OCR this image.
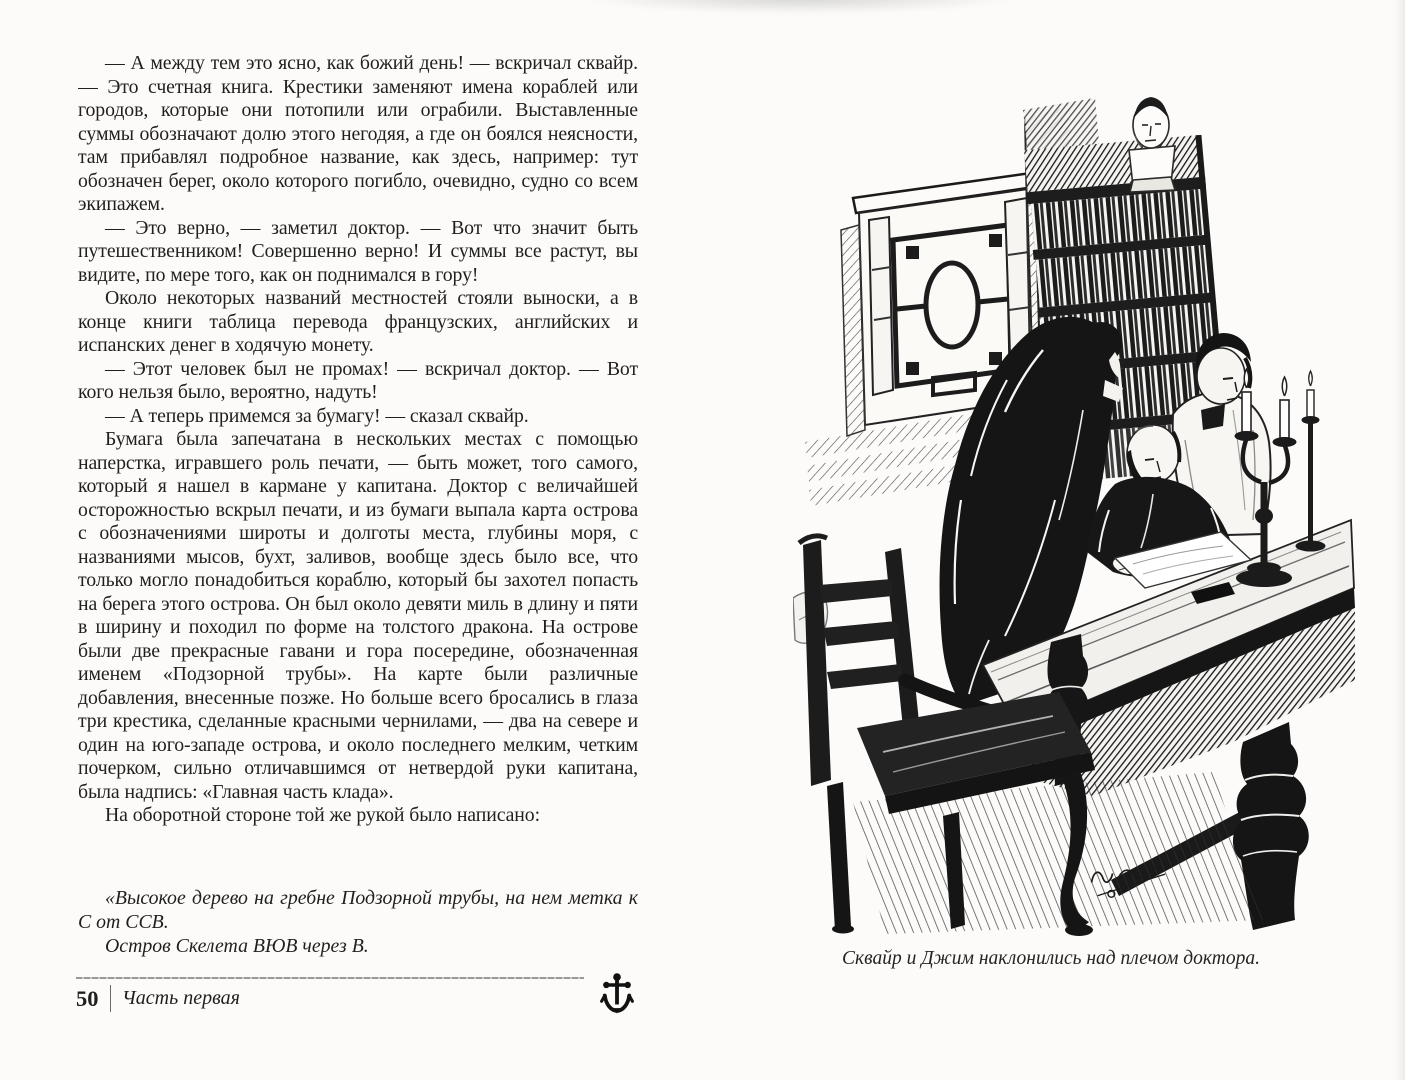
— А между тем это ясно, как божий день! — вскричал сквайр. — Это счетная книга. Крестики заменяют имена кораблей или городов, которые они потопили или ограбили. Выставленные суммы обозначают долю этого негодяя, а где он боялся неясности, там прибавлял подробное название, как здесь, например: тут обозначен берег, около которого погибло, очевидно, судно со всем экипажем.

— Это верно, — заметил доктор. — Вот что значит быть путешественником! Совершенно верно! И суммы все растут, вы видите, по мере того, как он поднимался в гору!

Около некоторых названий местностей стояли выноски, а в конце книги таблица перевода французских, английских и испанских денег в ходячую монету.

— Этот человек был не промах! — вскричал доктор. — Вот кого нельзя было, вероятно, надуть!

— А теперь примемся за бумагу! — сказал сквайр.

Бумага была запечатана в нескольких местах с помощью наперстка, игравшего роль печати, — быть может, того самого, который я нашел в кармане у капитана. Доктор с величайшей осторожностью вскрыл печати, и из бумаги выпала карта острова с обозначениями широты и долготы места, глубины моря, с названиями мысов, бухт, заливов, вообще здесь было все, что только могло понадобиться кораблю, который бы захотел попасть на берега этого острова. Он был около девяти миль в длину и пяти в ширину и походил по форме на толстого дракона. На острове были две прекрасные гавани и гора посередине, обозначенная именем «Подзорной трубы». На карте были различные добавления, внесенные позже. Но больше всего бросались в глаза три крестика, сделанные красными чернилами, — два на севере и один на юго-западе острова, и около последнего мелким, четким почерком, сильно отличавшимся от нетвердой руки капитана, была надпись: «Главная часть клада».

На оборотной стороне той же рукой было написано:

«Высокое дерево на гребне Подзорной трубы, на нем метка к С от ССВ.

Остров Скелета ВЮВ через В.

50 Часть первая
Сквайр и Джим наклонились над плечом доктора.
